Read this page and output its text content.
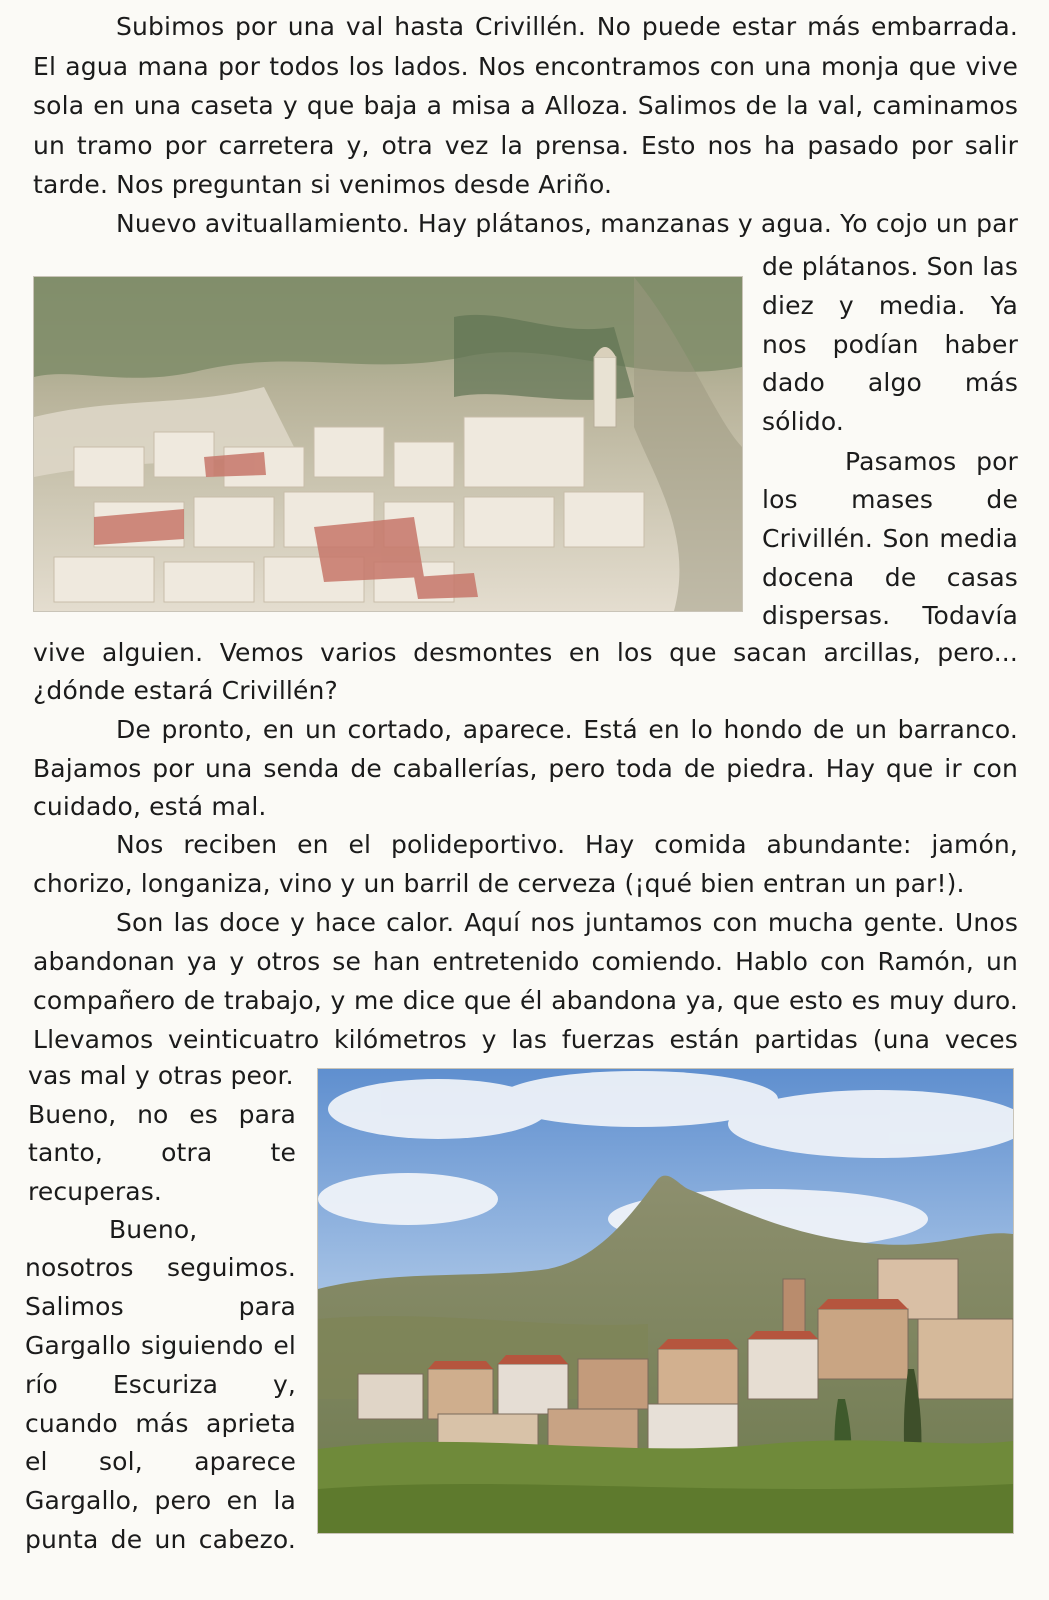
Subimos por una val hasta Crivillén. No puede estar más embarrada.
El agua mana por todos los lados. Nos encontramos con una monja que vive
sola en una caseta y que baja a misa a Alloza. Salimos de la val, caminamos
un tramo por carretera y, otra vez la prensa. Esto nos ha pasado por salir
tarde. Nos preguntan si venimos desde Ariño.
Nuevo avituallamiento. Hay plátanos, manzanas y agua. Yo cojo un par
de plátanos. Son las
diez y media. Ya
nos podían haber
dado algo más
sólido.
Pasamos por
los mases de
Crivillén. Son media
docena de casas
dispersas. Todavía
vive alguien. Vemos varios desmontes en los que sacan arcillas, pero...
¿dónde estará Crivillén?
De pronto, en un cortado, aparece. Está en lo hondo de un barranco.
Bajamos por una senda de caballerías, pero toda de piedra. Hay que ir con
cuidado, está mal.
Nos reciben en el polideportivo. Hay comida abundante: jamón,
chorizo, longaniza, vino y un barril de cerveza (¡qué bien entran un par!).
Son las doce y hace calor. Aquí nos juntamos con mucha gente. Unos
abandonan ya y otros se han entretenido comiendo. Hablo con Ramón, un
compañero de trabajo, y me dice que él abandona ya, que esto es muy duro.
Llevamos veinticuatro kilómetros y las fuerzas están partidas (una veces
vas mal y otras peor.
Bueno, no es para
tanto, otra te
recuperas.
Bueno,
nosotros seguimos.
Salimos para
Gargallo siguiendo el
río Escuriza y,
cuando más aprieta
el sol, aparece
Gargallo, pero en la
punta de un cabezo.
